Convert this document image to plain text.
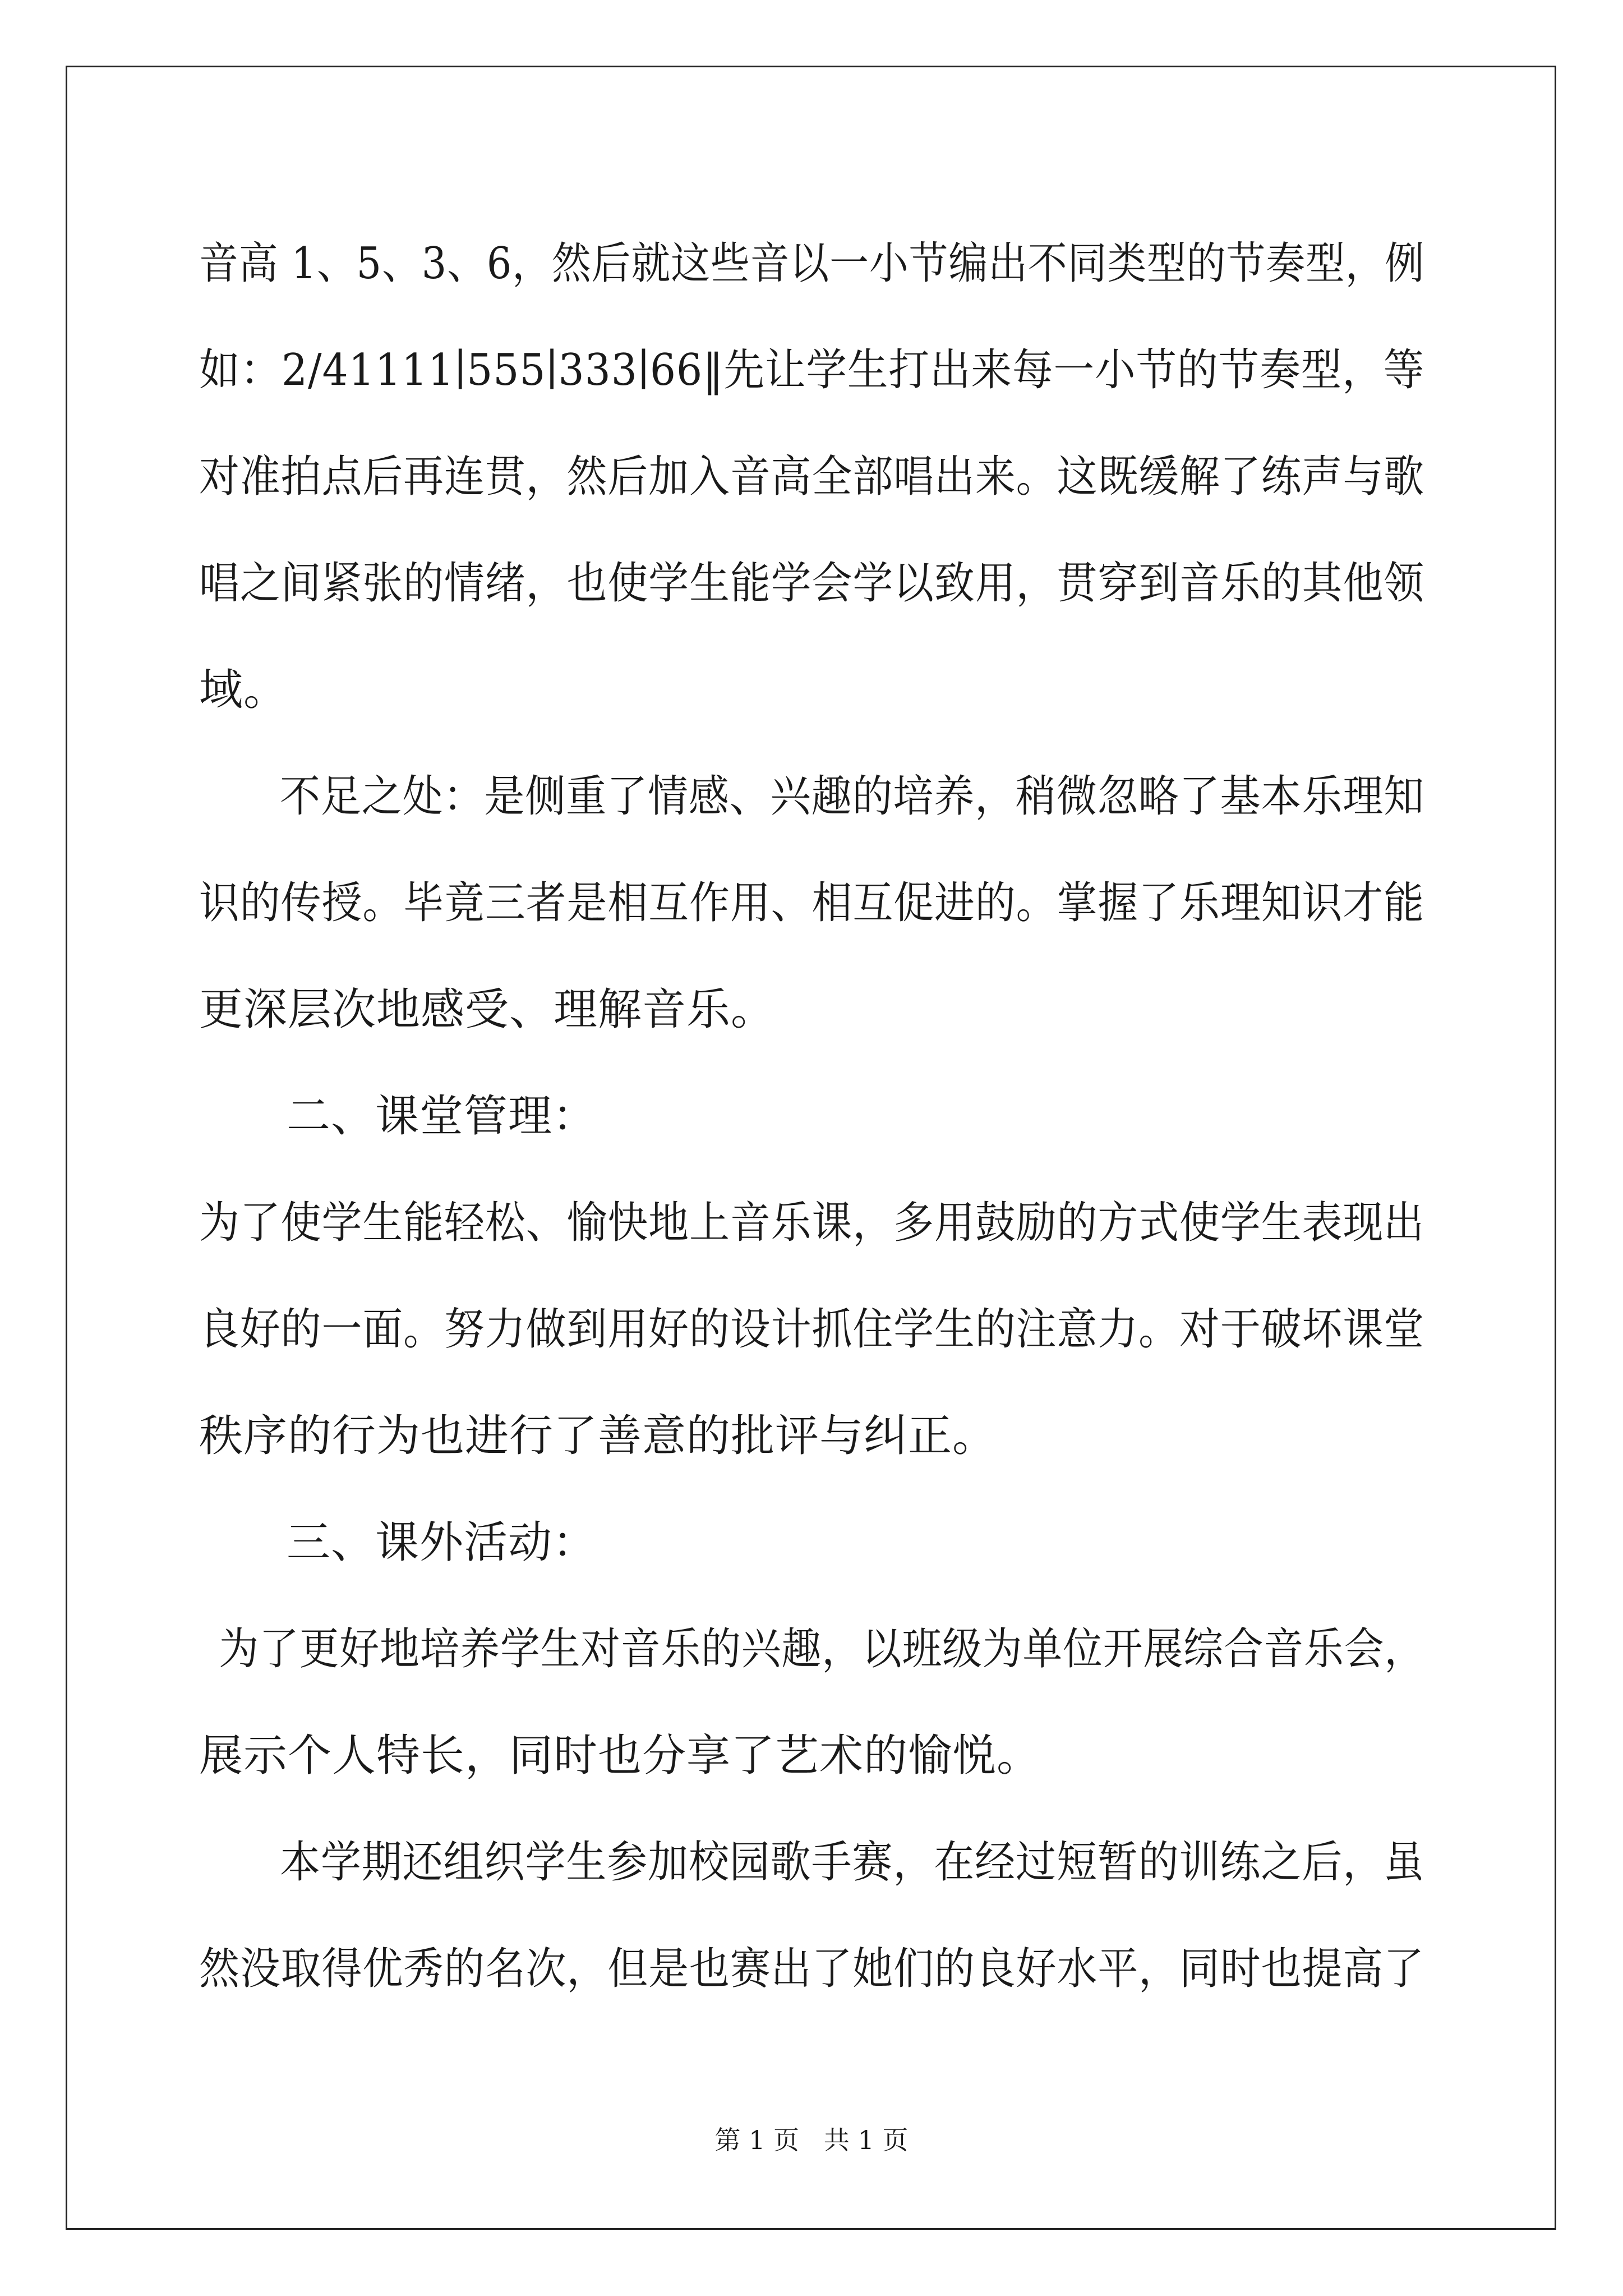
音高 1、5、3、6，然后就这些音以一小节编出不同类型的节奏型，例
如：2/41111∣555∣333∣66‖先让学生打出来每一小节的节奏型，等
对准拍点后再连贯，然后加入音高全部唱出来。这既缓解了练声与歌
唱之间紧张的情绪，也使学生能学会学以致用，贯穿到音乐的其他领
域。
不足之处：是侧重了情感、兴趣的培养，稍微忽略了基本乐理知
识的传授。毕竟三者是相互作用、相互促进的。掌握了乐理知识才能
更深层次地感受、理解音乐。
二、课堂管理：
为了使学生能轻松、愉快地上音乐课，多用鼓励的方式使学生表现出
良好的一面。努力做到用好的设计抓住学生的注意力。对于破坏课堂
秩序的行为也进行了善意的批评与纠正。
三、课外活动：
为了更好地培养学生对音乐的兴趣，以班级为单位开展综合音乐会，
展示个人特长，同时也分享了艺术的愉悦。
本学期还组织学生参加校园歌手赛，在经过短暂的训练之后，虽
然没取得优秀的名次，但是也赛出了她们的良好水平，同时也提高了
第 1 页   共 1 页
